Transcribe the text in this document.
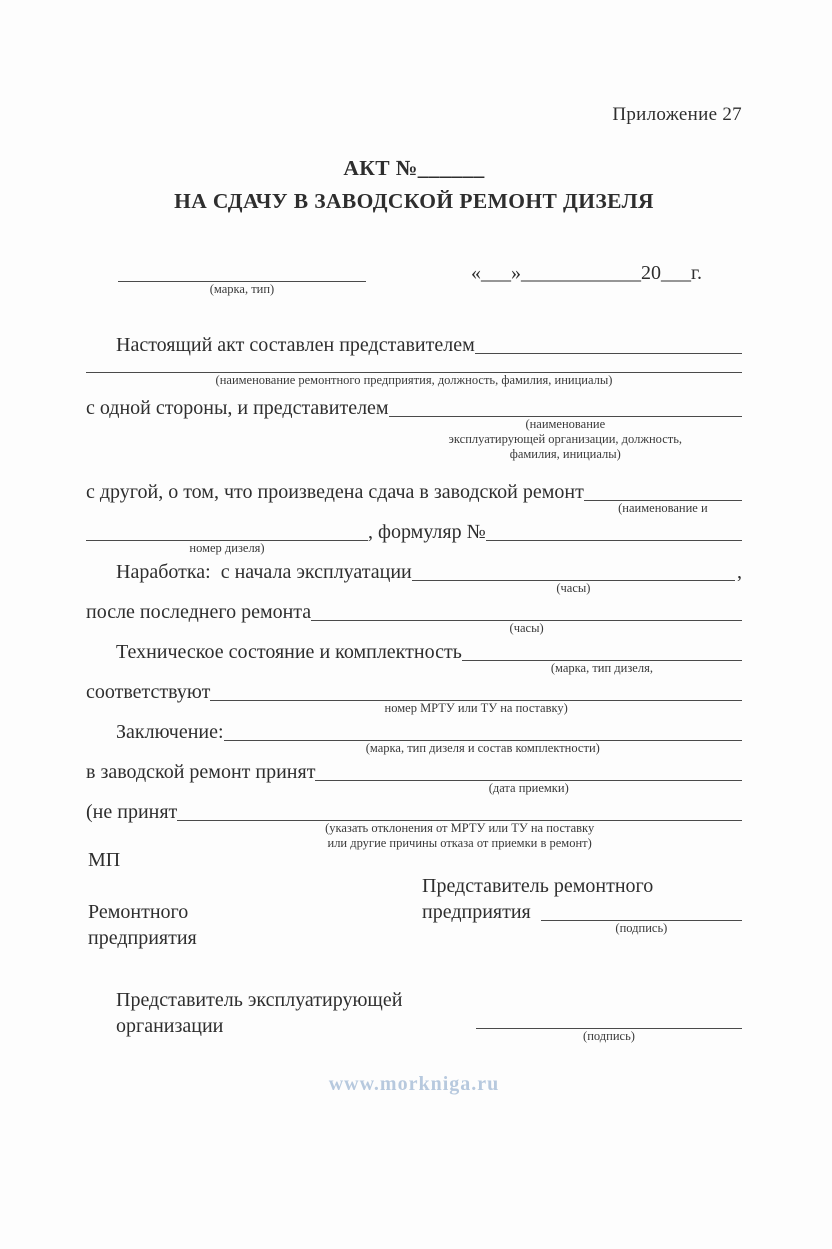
Приложение 27
АКТ №______
НА СДАЧУ В ЗАВОДСКОЙ РЕМОНТ ДИЗЕЛЯ
(марка, тип)
«___»____________20___г.
Настоящий акт составлен представителем
(наименование ремонтного предприятия, должность, фамилия, инициалы)
с одной стороны, и представителем
(наименование
эксплуатирующей организации, должность,
фамилия, инициалы)
с другой, о том, что произведена сдача в заводской ремонт
(наименование и
номер дизеля)
, формуляр №
Наработка:  с начала эксплуатации
(часы)
,
после последнего ремонта
(часы)
Техническое состояние и комплектность
(марка, тип дизеля,
соответствуют
номер МРТУ или ТУ на поставку)
Заключение:
(марка, тип дизеля и состав комплектности)
в заводской ремонт принят
(дата приемки)
(не принят
(указать отклонения от МРТУ или ТУ на поставку
или другие причины отказа от приемки в ремонт)
МП
Ремонтного
предприятия
Представитель ремонтного
предприятия
(подпись)
Представитель эксплуатирующей
организации	(подпись)
www.morkniga.ru
